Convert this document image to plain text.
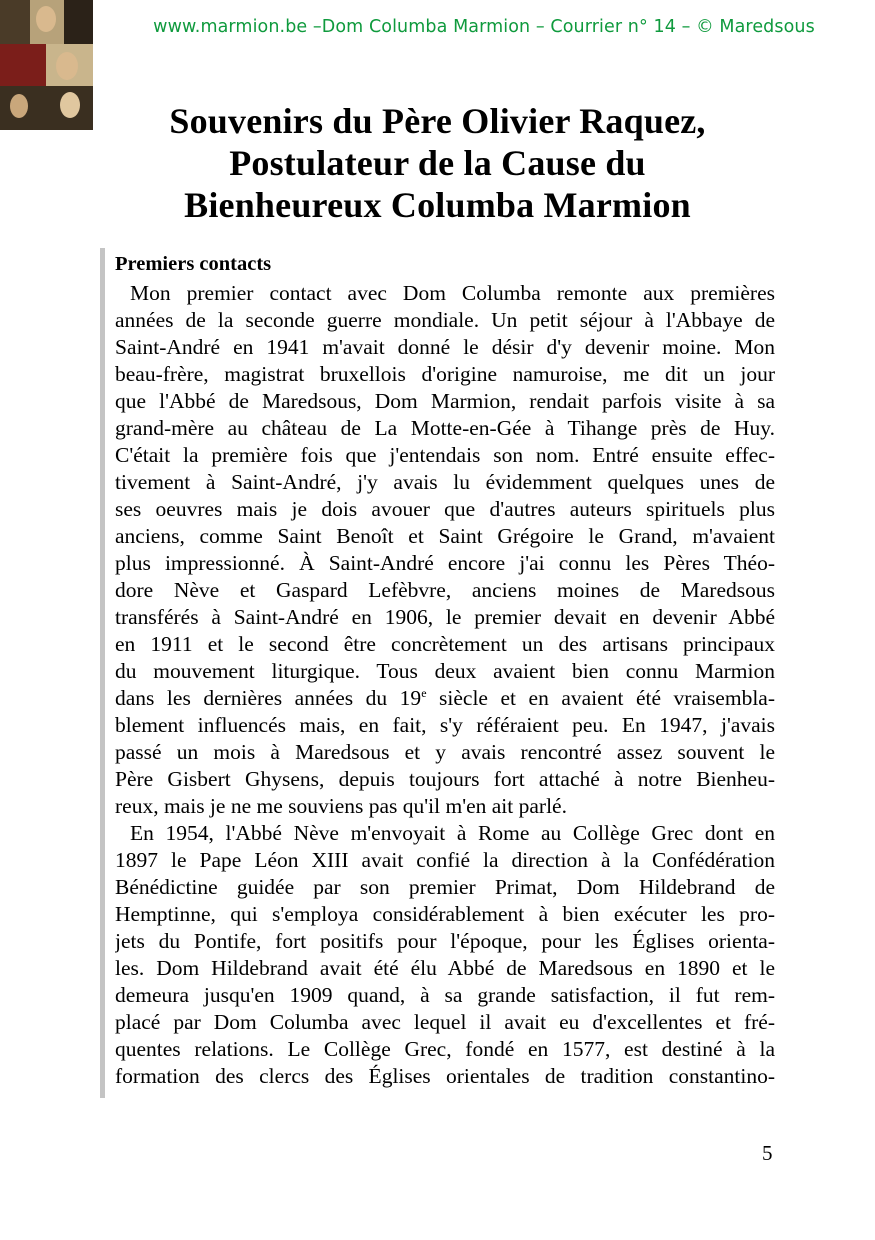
www.marmion.be –Dom Columba Marmion – Courrier n° 14 – © Maredsous
Souvenirs du Père Olivier Raquez,
Postulateur de la Cause du
Bienheureux Columba Marmion
Premiers contacts
Mon premier contact avec Dom Columba remonte aux premières
années de la seconde guerre mondiale. Un petit séjour à l'Abbaye de
Saint-André en 1941 m'avait donné le désir d'y devenir moine. Mon
beau-frère, magistrat bruxellois d'origine namuroise, me dit un jour
que l'Abbé de Maredsous, Dom Marmion, rendait parfois visite à sa
grand-mère au château de La Motte-en-Gée à Tihange près de Huy.
C'était la première fois que j'entendais son nom. Entré ensuite effec-
tivement à Saint-André, j'y avais lu évidemment quelques unes de
ses oeuvres mais je dois avouer que d'autres auteurs spirituels plus
anciens, comme Saint Benoît et Saint Grégoire le Grand, m'avaient
plus impressionné. À Saint-André encore j'ai connu les Pères Théo-
dore Nève et Gaspard Lefèbvre, anciens moines de Maredsous
transférés à Saint-André en 1906, le premier devait en devenir Abbé
en 1911 et le second être concrètement un des artisans principaux
du mouvement liturgique. Tous deux avaient bien connu Marmion
dans les dernières années du 19e siècle et en avaient été vraisembla-
blement influencés mais, en fait, s'y référaient peu. En 1947, j'avais
passé un mois à Maredsous et y avais rencontré assez souvent le
Père Gisbert Ghysens, depuis toujours fort attaché à notre Bienheu-
reux, mais je ne me souviens pas qu'il m'en ait parlé.
En 1954, l'Abbé Nève m'envoyait à Rome au Collège Grec dont en
1897 le Pape Léon XIII avait confié la direction à la Confédération
Bénédictine guidée par son premier Primat, Dom Hildebrand de
Hemptinne, qui s'employa considérablement à bien exécuter les pro-
jets du Pontife, fort positifs pour l'époque, pour les Églises orienta-
les. Dom Hildebrand avait été élu Abbé de Maredsous en 1890 et le
demeura jusqu'en 1909 quand, à sa grande satisfaction, il fut rem-
placé par Dom Columba avec lequel il avait eu d'excellentes et fré-
quentes relations. Le Collège Grec, fondé en 1577, est destiné à la
formation des clercs des Églises orientales de tradition constantino-
5
